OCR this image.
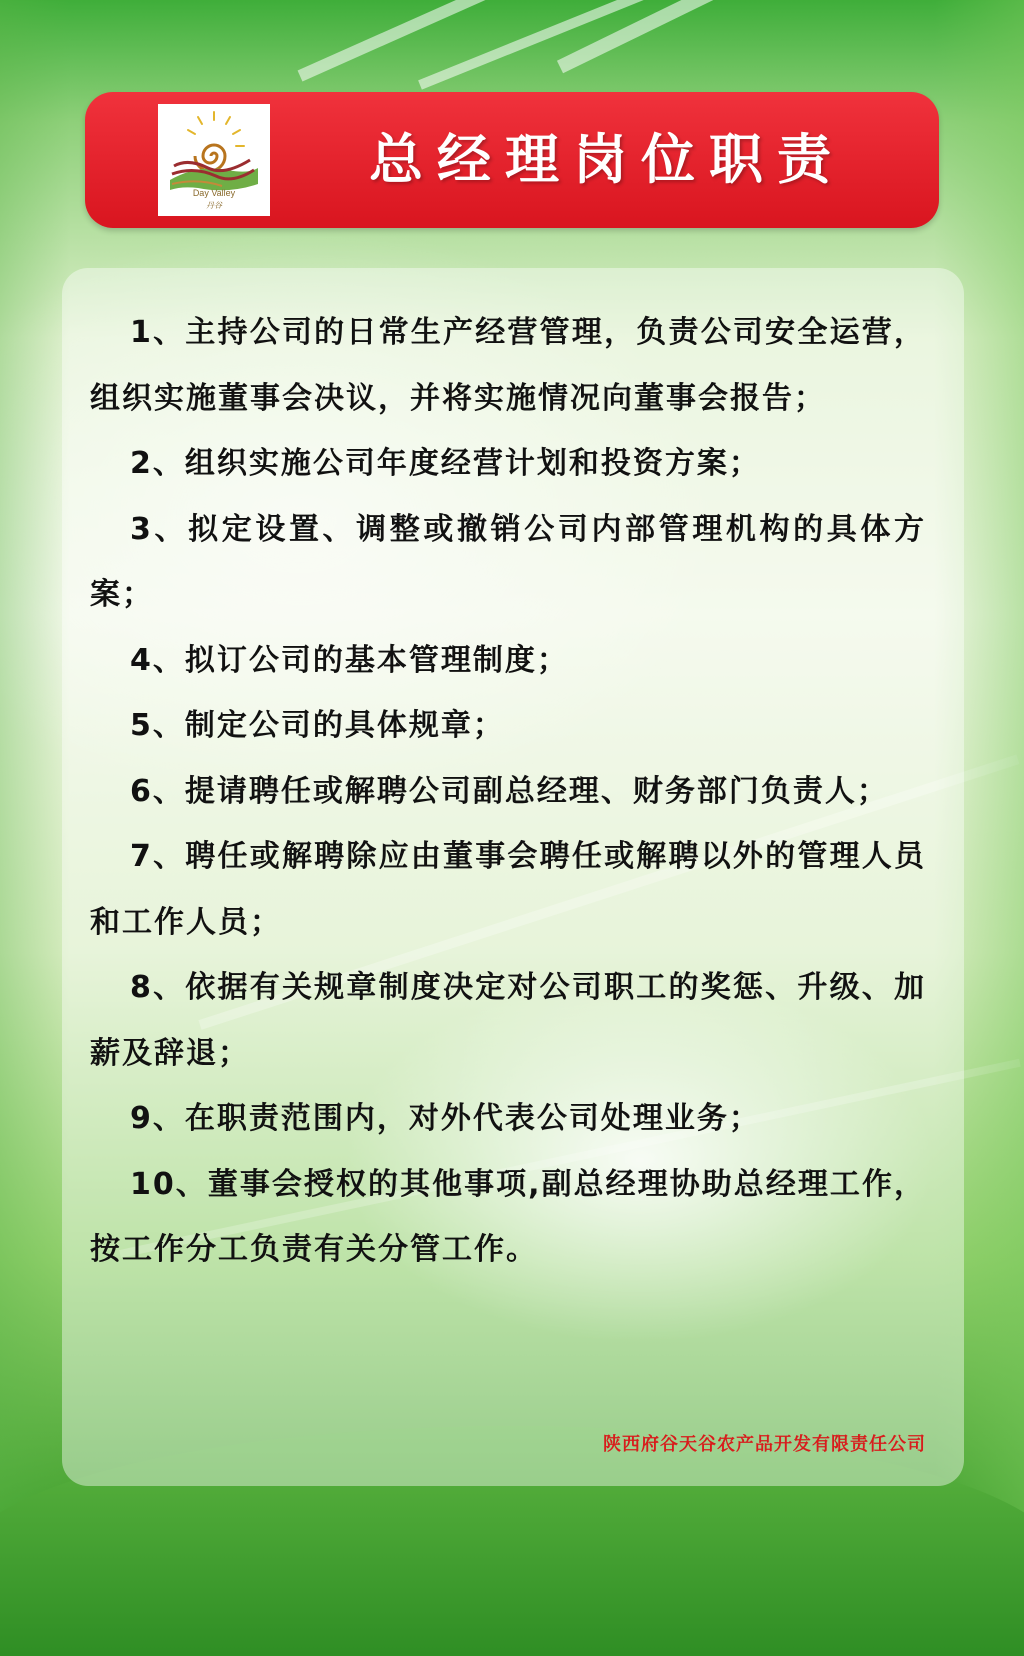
Day Valley
丹谷
总经理岗位职责

1、主持公司的日常生产经营管理，负责公司安全运营，组织实施董事会决议，并将实施情况向董事会报告；

2、组织实施公司年度经营计划和投资方案；

3、拟定设置、调整或撤销公司内部管理机构的具体方案；

4、拟订公司的基本管理制度；

5、制定公司的具体规章；

6、提请聘任或解聘公司副总经理、财务部门负责人；

7、聘任或解聘除应由董事会聘任或解聘以外的管理人员和工作人员；

8、依据有关规章制度决定对公司职工的奖惩、升级、加薪及辞退；

9、在职责范围内，对外代表公司处理业务；

10、董事会授权的其他事项,副总经理协助总经理工作，按工作分工负责有关分管工作。

陕西府谷天谷农产品开发有限责任公司
